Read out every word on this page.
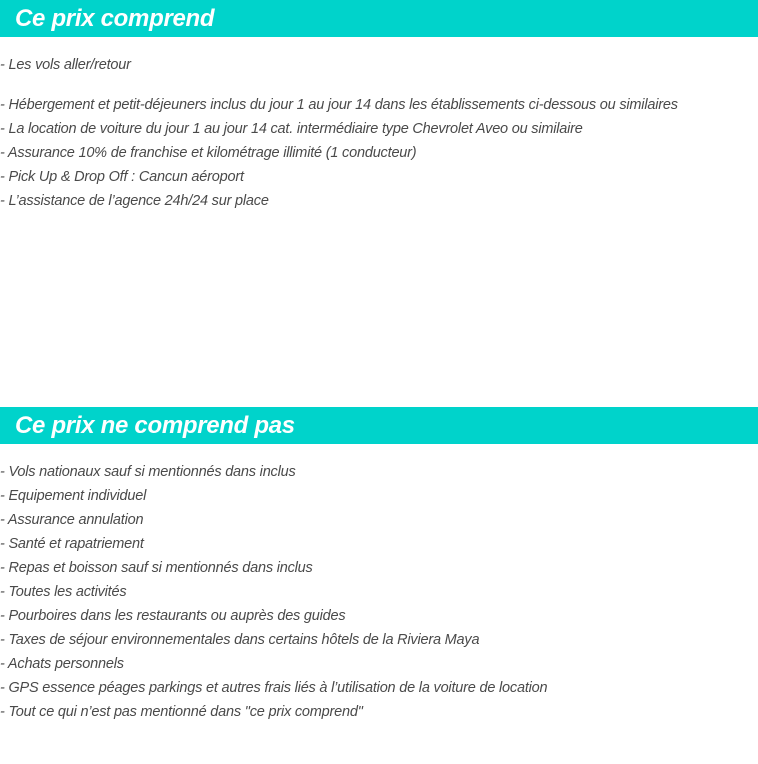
Ce prix comprend
- Les vols aller/retour
- Hébergement et petit-déjeuners inclus du jour 1 au jour 14 dans les établissements ci-dessous ou similaires
- La location de voiture du jour 1 au jour 14 cat. intermédiaire type Chevrolet Aveo ou similaire
- Assurance 10% de franchise et kilométrage illimité (1 conducteur)
- Pick Up & Drop Off : Cancun aéroport
- L’assistance de l’agence 24h/24 sur place
Ce prix ne comprend pas
- Vols nationaux sauf si mentionnés dans inclus
- Equipement individuel
- Assurance annulation
- Santé et rapatriement
- Repas et boisson sauf si mentionnés dans inclus
- Toutes les activités
- Pourboires dans les restaurants ou auprès des guides
- Taxes de séjour environnementales dans certains hôtels de la Riviera Maya
- Achats personnels
- GPS essence péages parkings et autres frais liés à l’utilisation de la voiture de location
- Tout ce qui n’est pas mentionné dans "ce prix comprend"
